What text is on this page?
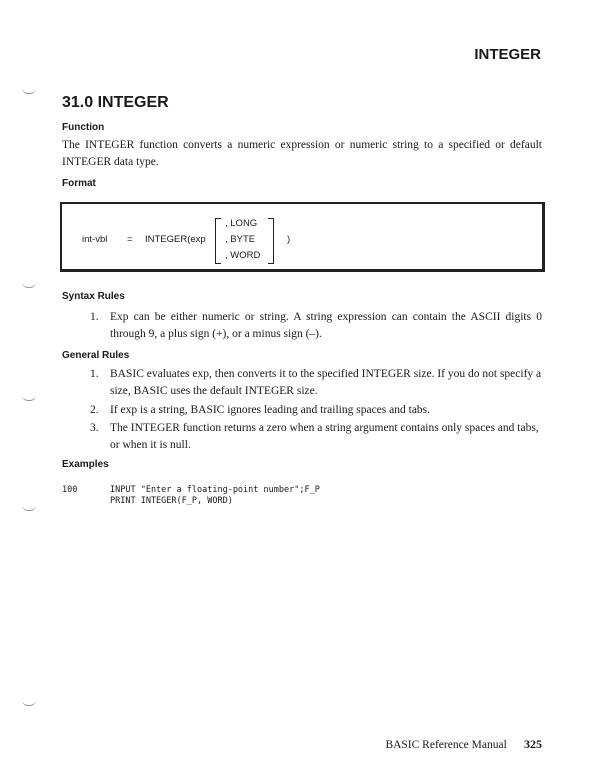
INTEGER
31.0 INTEGER
Function
The INTEGER function converts a numeric expression or numeric string to a specified or default INTEGER data type.
Format
int-vbl = INTEGER(exp
, LONG
, BYTE
, WORD
)
Syntax Rules
1. Exp can be either numeric or string. A string expression can contain the ASCII digits 0 through 9, a plus sign (+), or a minus sign (–).
General Rules
1. BASIC evaluates exp, then converts it to the specified INTEGER size. If you do not specify a size, BASIC uses the default INTEGER size.
2. If exp is a string, BASIC ignores leading and trailing spaces and tabs.
3. The INTEGER function returns a zero when a string argument contains only spaces and tabs, or when it is null.
Examples
100	INPUT "Enter a floating-point number";F_P
PRINT INTEGER(F_P, WORD)
BASIC Reference Manual 325
